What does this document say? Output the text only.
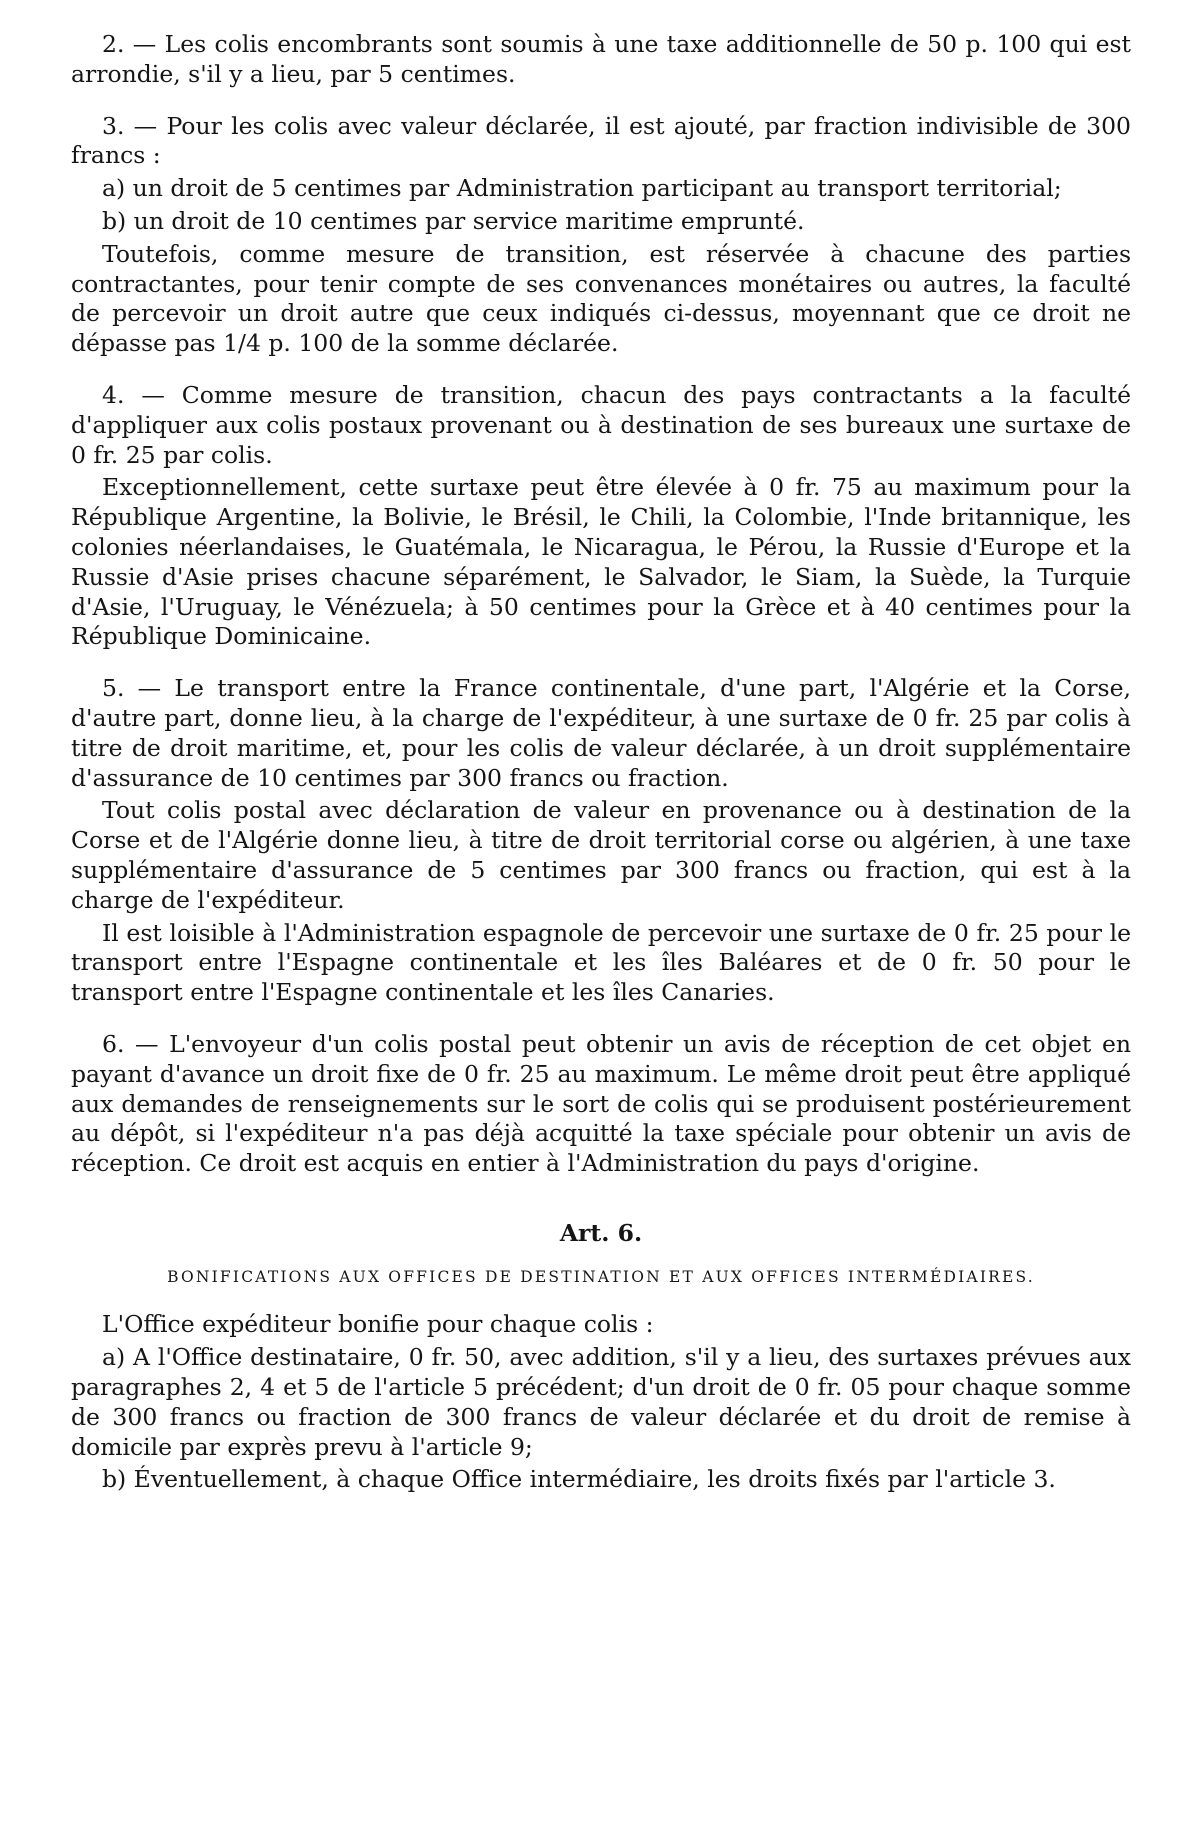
2. — Les colis encombrants sont soumis à une taxe additionnelle de 50 p. 100 qui est arrondie, s'il y a lieu, par 5 centimes.

3. — Pour les colis avec valeur déclarée, il est ajouté, par fraction indivisible de 300 francs :

a) un droit de 5 centimes par Administration participant au transport territorial;

b) un droit de 10 centimes par service maritime emprunté.

Toutefois, comme mesure de transition, est réservée à chacune des parties contractantes, pour tenir compte de ses convenances monétaires ou autres, la faculté de percevoir un droit autre que ceux indiqués ci-dessus, moyennant que ce droit ne dépasse pas 1/4 p. 100 de la somme déclarée.

4. — Comme mesure de transition, chacun des pays contractants a la faculté d'appliquer aux colis postaux provenant ou à destination de ses bureaux une surtaxe de 0 fr. 25 par colis.

Exceptionnellement, cette surtaxe peut être élevée à 0 fr. 75 au maximum pour la République Argentine, la Bolivie, le Brésil, le Chili, la Colombie, l'Inde britannique, les colonies néerlandaises, le Guatémala, le Nicaragua, le Pérou, la Russie d'Europe et la Russie d'Asie prises chacune séparément, le Salvador, le Siam, la Suède, la Turquie d'Asie, l'Uruguay, le Vénézuela; à 50 centimes pour la Grèce et à 40 centimes pour la République Dominicaine.

5. — Le transport entre la France continentale, d'une part, l'Algérie et la Corse, d'autre part, donne lieu, à la charge de l'expéditeur, à une surtaxe de 0 fr. 25 par colis à titre de droit maritime, et, pour les colis de valeur déclarée, à un droit supplémentaire d'assurance de 10 centimes par 300 francs ou fraction.

Tout colis postal avec déclaration de valeur en provenance ou à destination de la Corse et de l'Algérie donne lieu, à titre de droit territorial corse ou algérien, à une taxe supplémentaire d'assurance de 5 centimes par 300 francs ou fraction, qui est à la charge de l'expéditeur.

Il est loisible à l'Administration espagnole de percevoir une surtaxe de 0 fr. 25 pour le transport entre l'Espagne continentale et les îles Baléares et de 0 fr. 50 pour le transport entre l'Espagne continentale et les îles Canaries.

6. — L'envoyeur d'un colis postal peut obtenir un avis de réception de cet objet en payant d'avance un droit fixe de 0 fr. 25 au maximum. Le même droit peut être appliqué aux demandes de renseignements sur le sort de colis qui se produisent postérieurement au dépôt, si l'expéditeur n'a pas déjà acquitté la taxe spéciale pour obtenir un avis de réception. Ce droit est acquis en entier à l'Administration du pays d'origine.

Art. 6.
BONIFICATIONS AUX OFFICES DE DESTINATION ET AUX OFFICES INTERMÉDIAIRES.

L'Office expéditeur bonifie pour chaque colis :

a) A l'Office destinataire, 0 fr. 50, avec addition, s'il y a lieu, des surtaxes prévues aux paragraphes 2, 4 et 5 de l'article 5 précédent; d'un droit de 0 fr. 05 pour chaque somme de 300 francs ou fraction de 300 francs de valeur déclarée et du droit de remise à domicile par exprès prevu à l'article 9;

b) Éventuellement, à chaque Office intermédiaire, les droits fixés par l'article 3.
